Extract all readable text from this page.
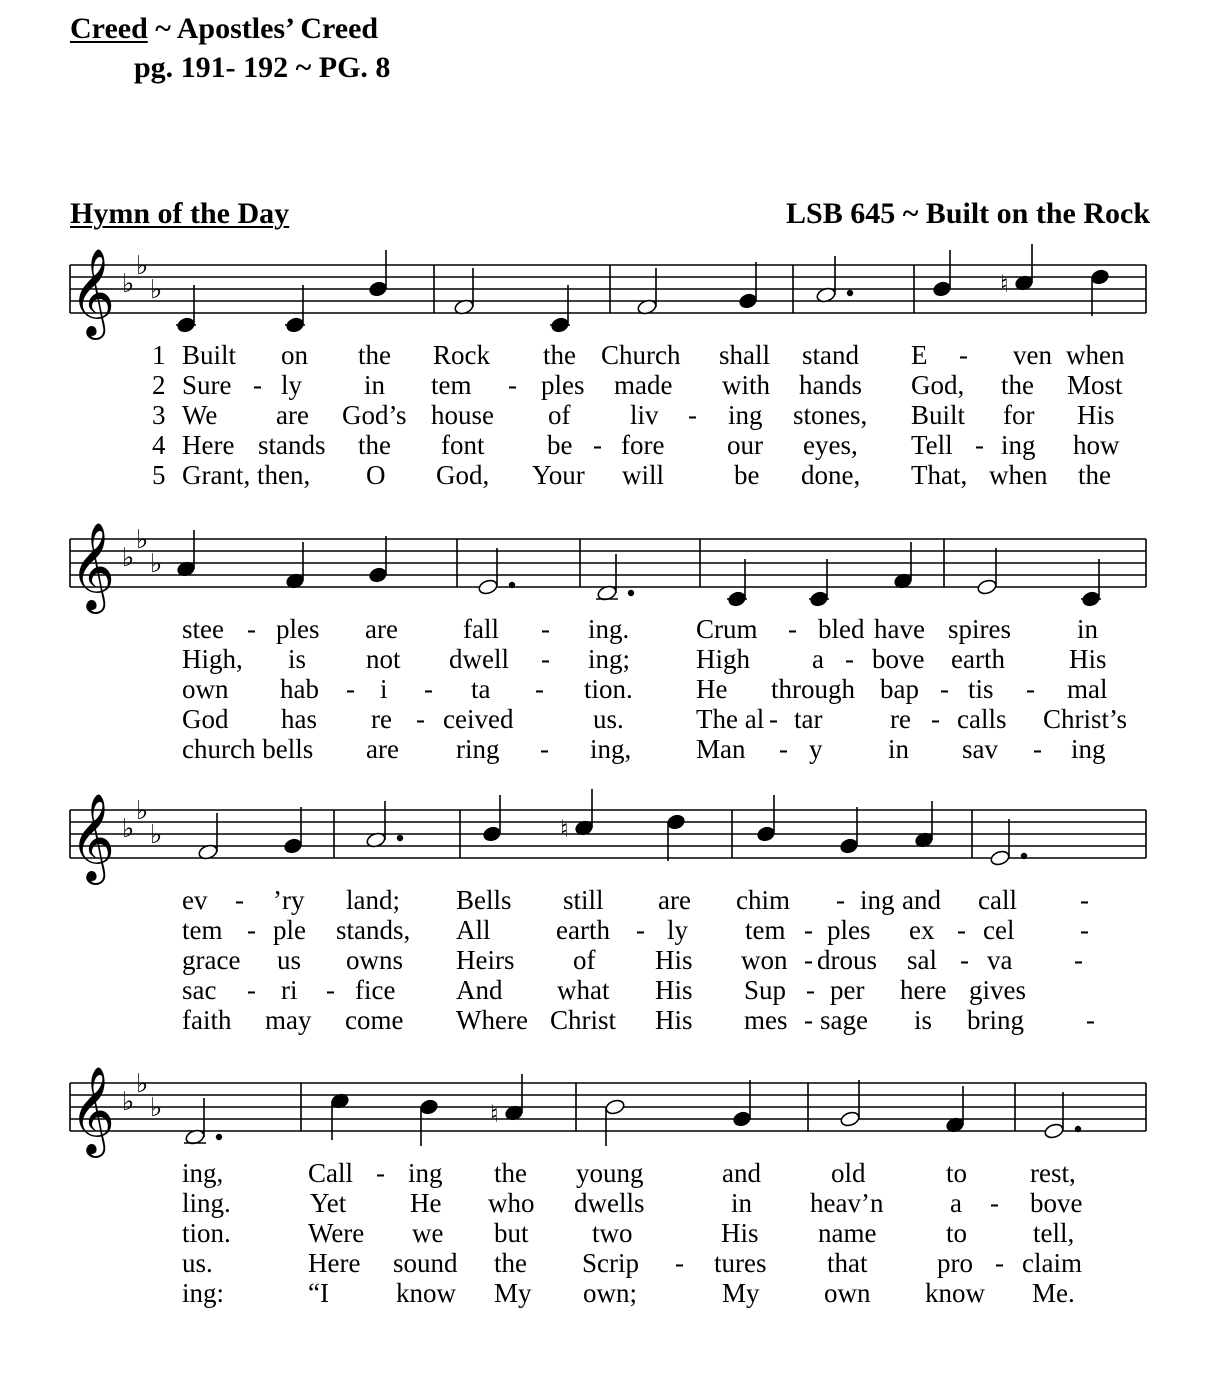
Creed ~ Apostles’ Creed
pg. 191- 192 ~ PG. 8
Hymn of the Day	LSB 645 ~ Built on the Rock
𝄞 ♭
♭
♭	♮
1
2
3
4
5
Built on the Rock the Church shall stand E - ven when
Sure - ly in tem - ples made with hands God, the Most
We are God’s house of liv - ing stones, Built for His
Here stands the font be - fore our eyes, Tell - ing how
Grant, then, O God, Your will	be done, That, when the
𝄞 ♭
♭
♭
stee - ples are fall - ing. Crum - bled have spires in
High, is not dwell - ing; High a - bove earth His
own hab - i - ta - tion. He through bap - tis - mal
God has re - ceived	us.	The al - tar	re - calls Christ’s
church bells are ring - ing, Man - y in sav - ing
𝄞 ♭
♭
♭	♮
ev - ’ry land; Bells still are chim - ing and call -
tem - ple stands, All earth - ly tem - ples ex - cel -
grace us owns Heirs of His won - drous sal - va -
sac - ri - fice And what His Sup - per here gives
faith may come Where Christ His mes - sage is bring -
𝄞 ♭
♭
♭	♮
ing,	Call - ing the young	and	old	to rest,
ling.	Yet He who dwells	in heav’n a - bove
tion.	Were we but two	His name	to tell,
us.	Here sound the Scrip - tures that	pro - claim
ing:	“I know My own;	My own know Me.
